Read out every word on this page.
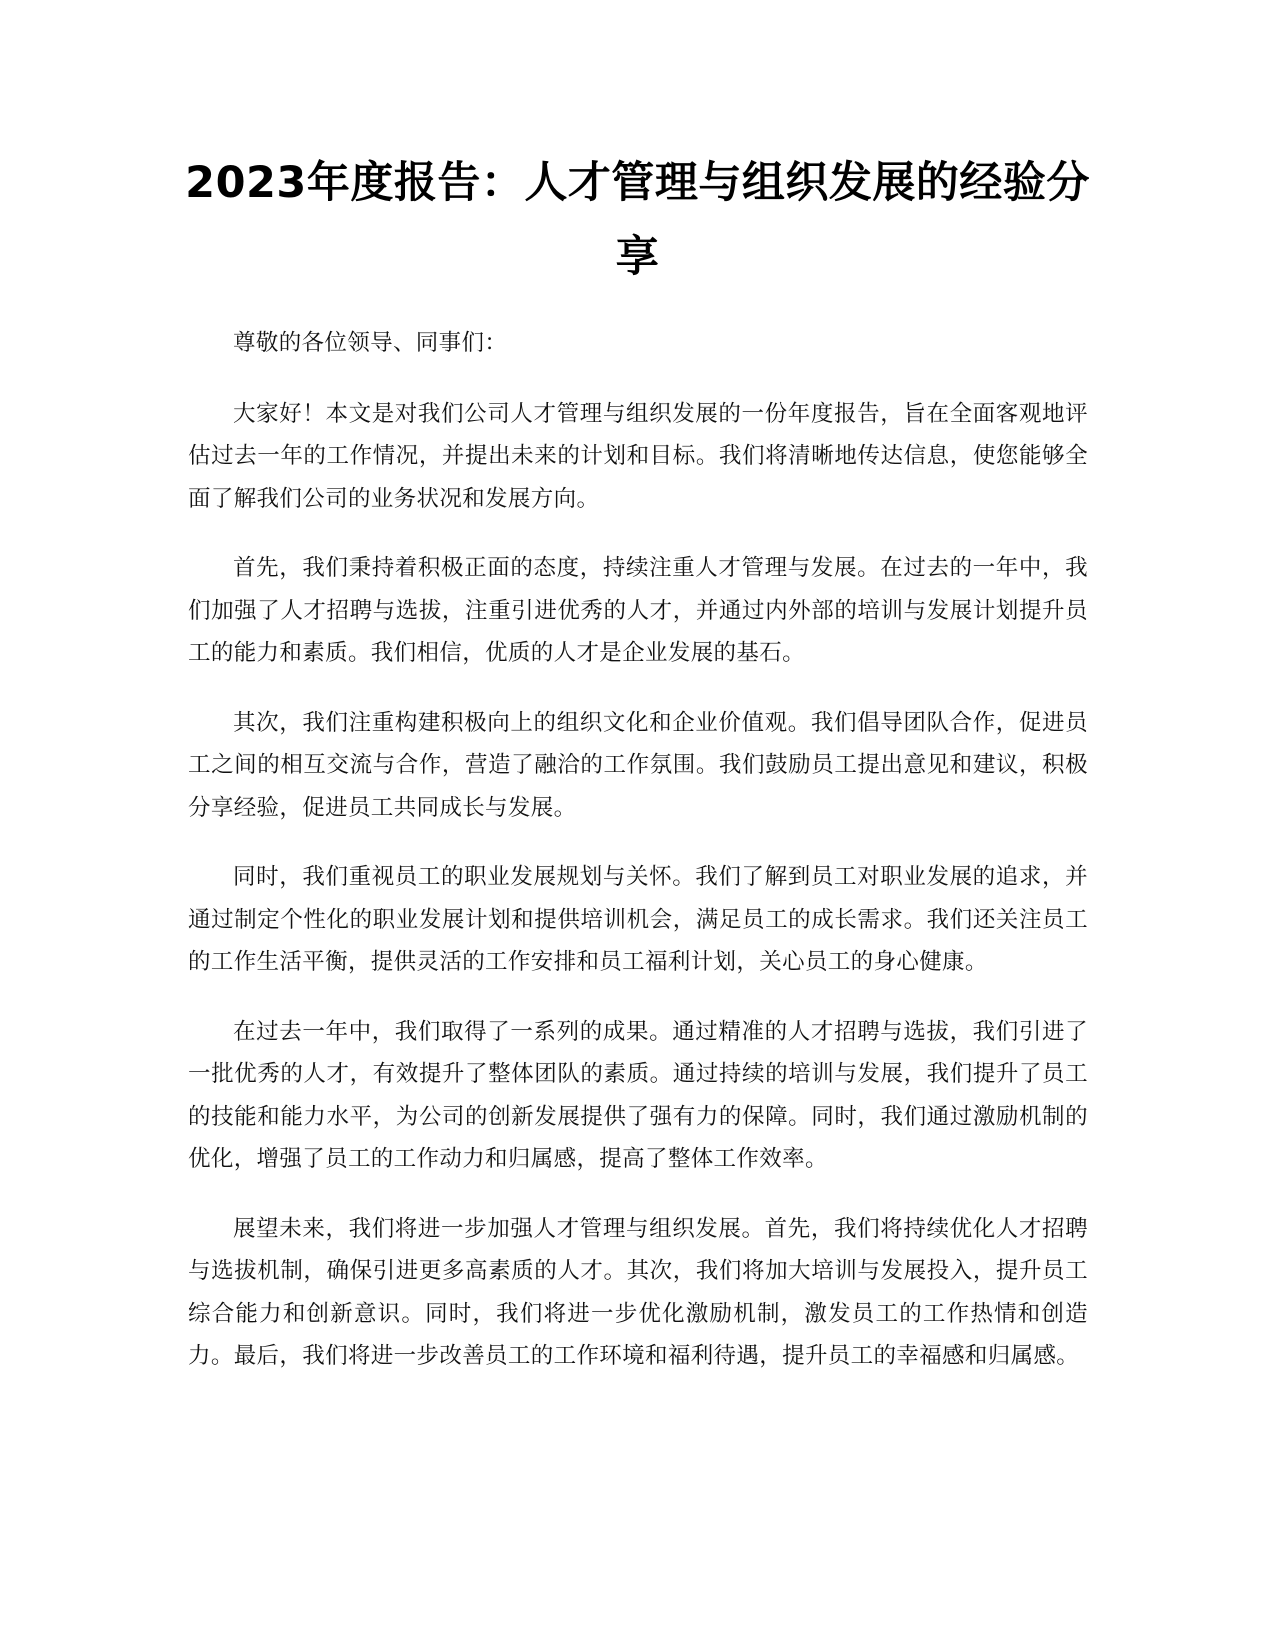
2023年度报告：人才管理与组织发展的经验分享

尊敬的各位领导、同事们：

大家好！本文是对我们公司人才管理与组织发展的一份年度报告，旨在全面客观地评估过去一年的工作情况，并提出未来的计划和目标。我们将清晰地传达信息，使您能够全面了解我们公司的业务状况和发展方向。

首先，我们秉持着积极正面的态度，持续注重人才管理与发展。在过去的一年中，我们加强了人才招聘与选拔，注重引进优秀的人才，并通过内外部的培训与发展计划提升员工的能力和素质。我们相信，优质的人才是企业发展的基石。

其次，我们注重构建积极向上的组织文化和企业价值观。我们倡导团队合作，促进员工之间的相互交流与合作，营造了融洽的工作氛围。我们鼓励员工提出意见和建议，积极分享经验，促进员工共同成长与发展。

同时，我们重视员工的职业发展规划与关怀。我们了解到员工对职业发展的追求，并通过制定个性化的职业发展计划和提供培训机会，满足员工的成长需求。我们还关注员工的工作生活平衡，提供灵活的工作安排和员工福利计划，关心员工的身心健康。

在过去一年中，我们取得了一系列的成果。通过精准的人才招聘与选拔，我们引进了一批优秀的人才，有效提升了整体团队的素质。通过持续的培训与发展，我们提升了员工的技能和能力水平，为公司的创新发展提供了强有力的保障。同时，我们通过激励机制的优化，增强了员工的工作动力和归属感，提高了整体工作效率。

展望未来，我们将进一步加强人才管理与组织发展。首先，我们将持续优化人才招聘与选拔机制，确保引进更多高素质的人才。其次，我们将加大培训与发展投入，提升员工综合能力和创新意识。同时，我们将进一步优化激励机制，激发员工的工作热情和创造力。最后，我们将进一步改善员工的工作环境和福利待遇，提升员工的幸福感和归属感。
